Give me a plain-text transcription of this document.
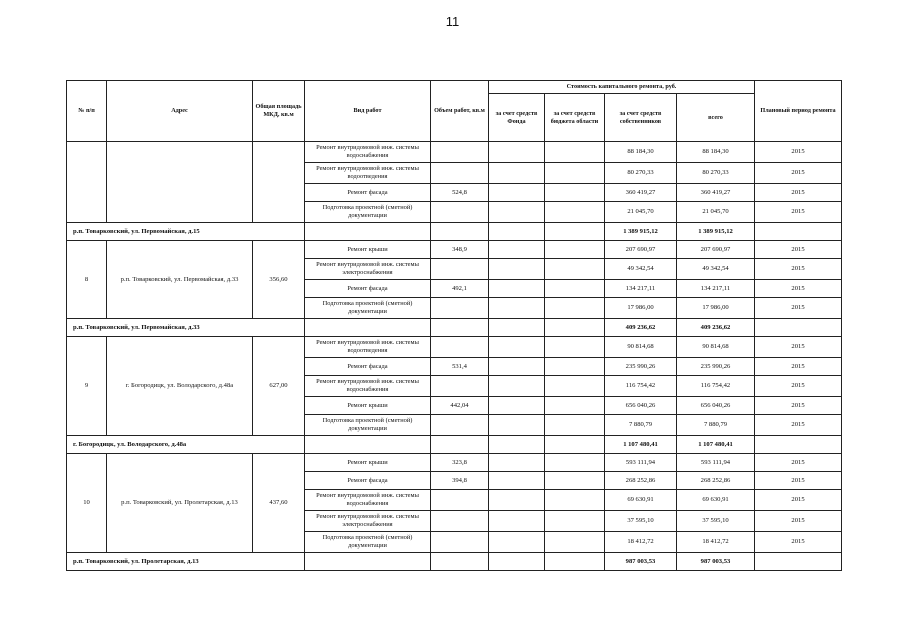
11
№ п/п	Адрес	Общая площадь МКД, кв.м	Вид работ	Объем работ, кв.м	Стоимость капитального ремонта, руб.				Плановый период ремонта
					за счет средств Фонда	за счет средств бюджета области	за счет средств собственников	всего	
			Ремонт внутридомовой инж. системы водоснабжения				88 184,30	88 184,30	2015
			Ремонт внутридомовой инж. системы водоотведения				80 270,33	80 270,33	2015
			Ремонт фасада	524,8			360 419,27	360 419,27	2015
			Подготовка проектной (сметной) документации				21 045,70	21 045,70	2015
р.п. Товарковский, ул. Первомайская, д.15							1 389 915,12	1 389 915,12	
8	р.п. Товарковский, ул. Первомайская, д.33	356,60	Ремонт крыши	348,9			207 690,97	207 690,97	2015
			Ремонт внутридомовой инж. системы электроснабжения				49 342,54	49 342,54	2015
			Ремонт фасада	492,1			134 217,11	134 217,11	2015
			Подготовка проектной (сметной) документации				17 986,00	17 986,00	2015
р.п. Товарковский, ул. Первомайская, д.33							409 236,62	409 236,62	
9	г. Богородицк, ул. Володарского, д.48а	627,00	Ремонт внутридомовой инж. системы водоотведения				90 814,68	90 814,68	2015
			Ремонт фасада	531,4			235 990,26	235 990,26	2015
			Ремонт внутридомовой инж. системы водоснабжения				116 754,42	116 754,42	2015
			Ремонт крыши	442,04			656 040,26	656 040,26	2015
			Подготовка проектной (сметной) документации				7 880,79	7 880,79	2015
г. Богородицк, ул. Володарского, д.48а							1 107 480,41	1 107 480,41	
10	р.п. Товарковский, ул. Пролетарская, д.13	437,60	Ремонт крыши	323,8			593 111,94	593 111,94	2015
			Ремонт фасада	394,8			268 252,86	268 252,86	2015
			Ремонт внутридомовой инж. системы водоснабжения				69 630,91	69 630,91	2015
			Ремонт внутридомовой инж. системы электроснабжения				37 595,10	37 595,10	2015
			Подготовка проектной (сметной) документации				18 412,72	18 412,72	2015
р.п. Товарковский, ул. Пролетарская, д.13							987 003,53	987 003,53	
